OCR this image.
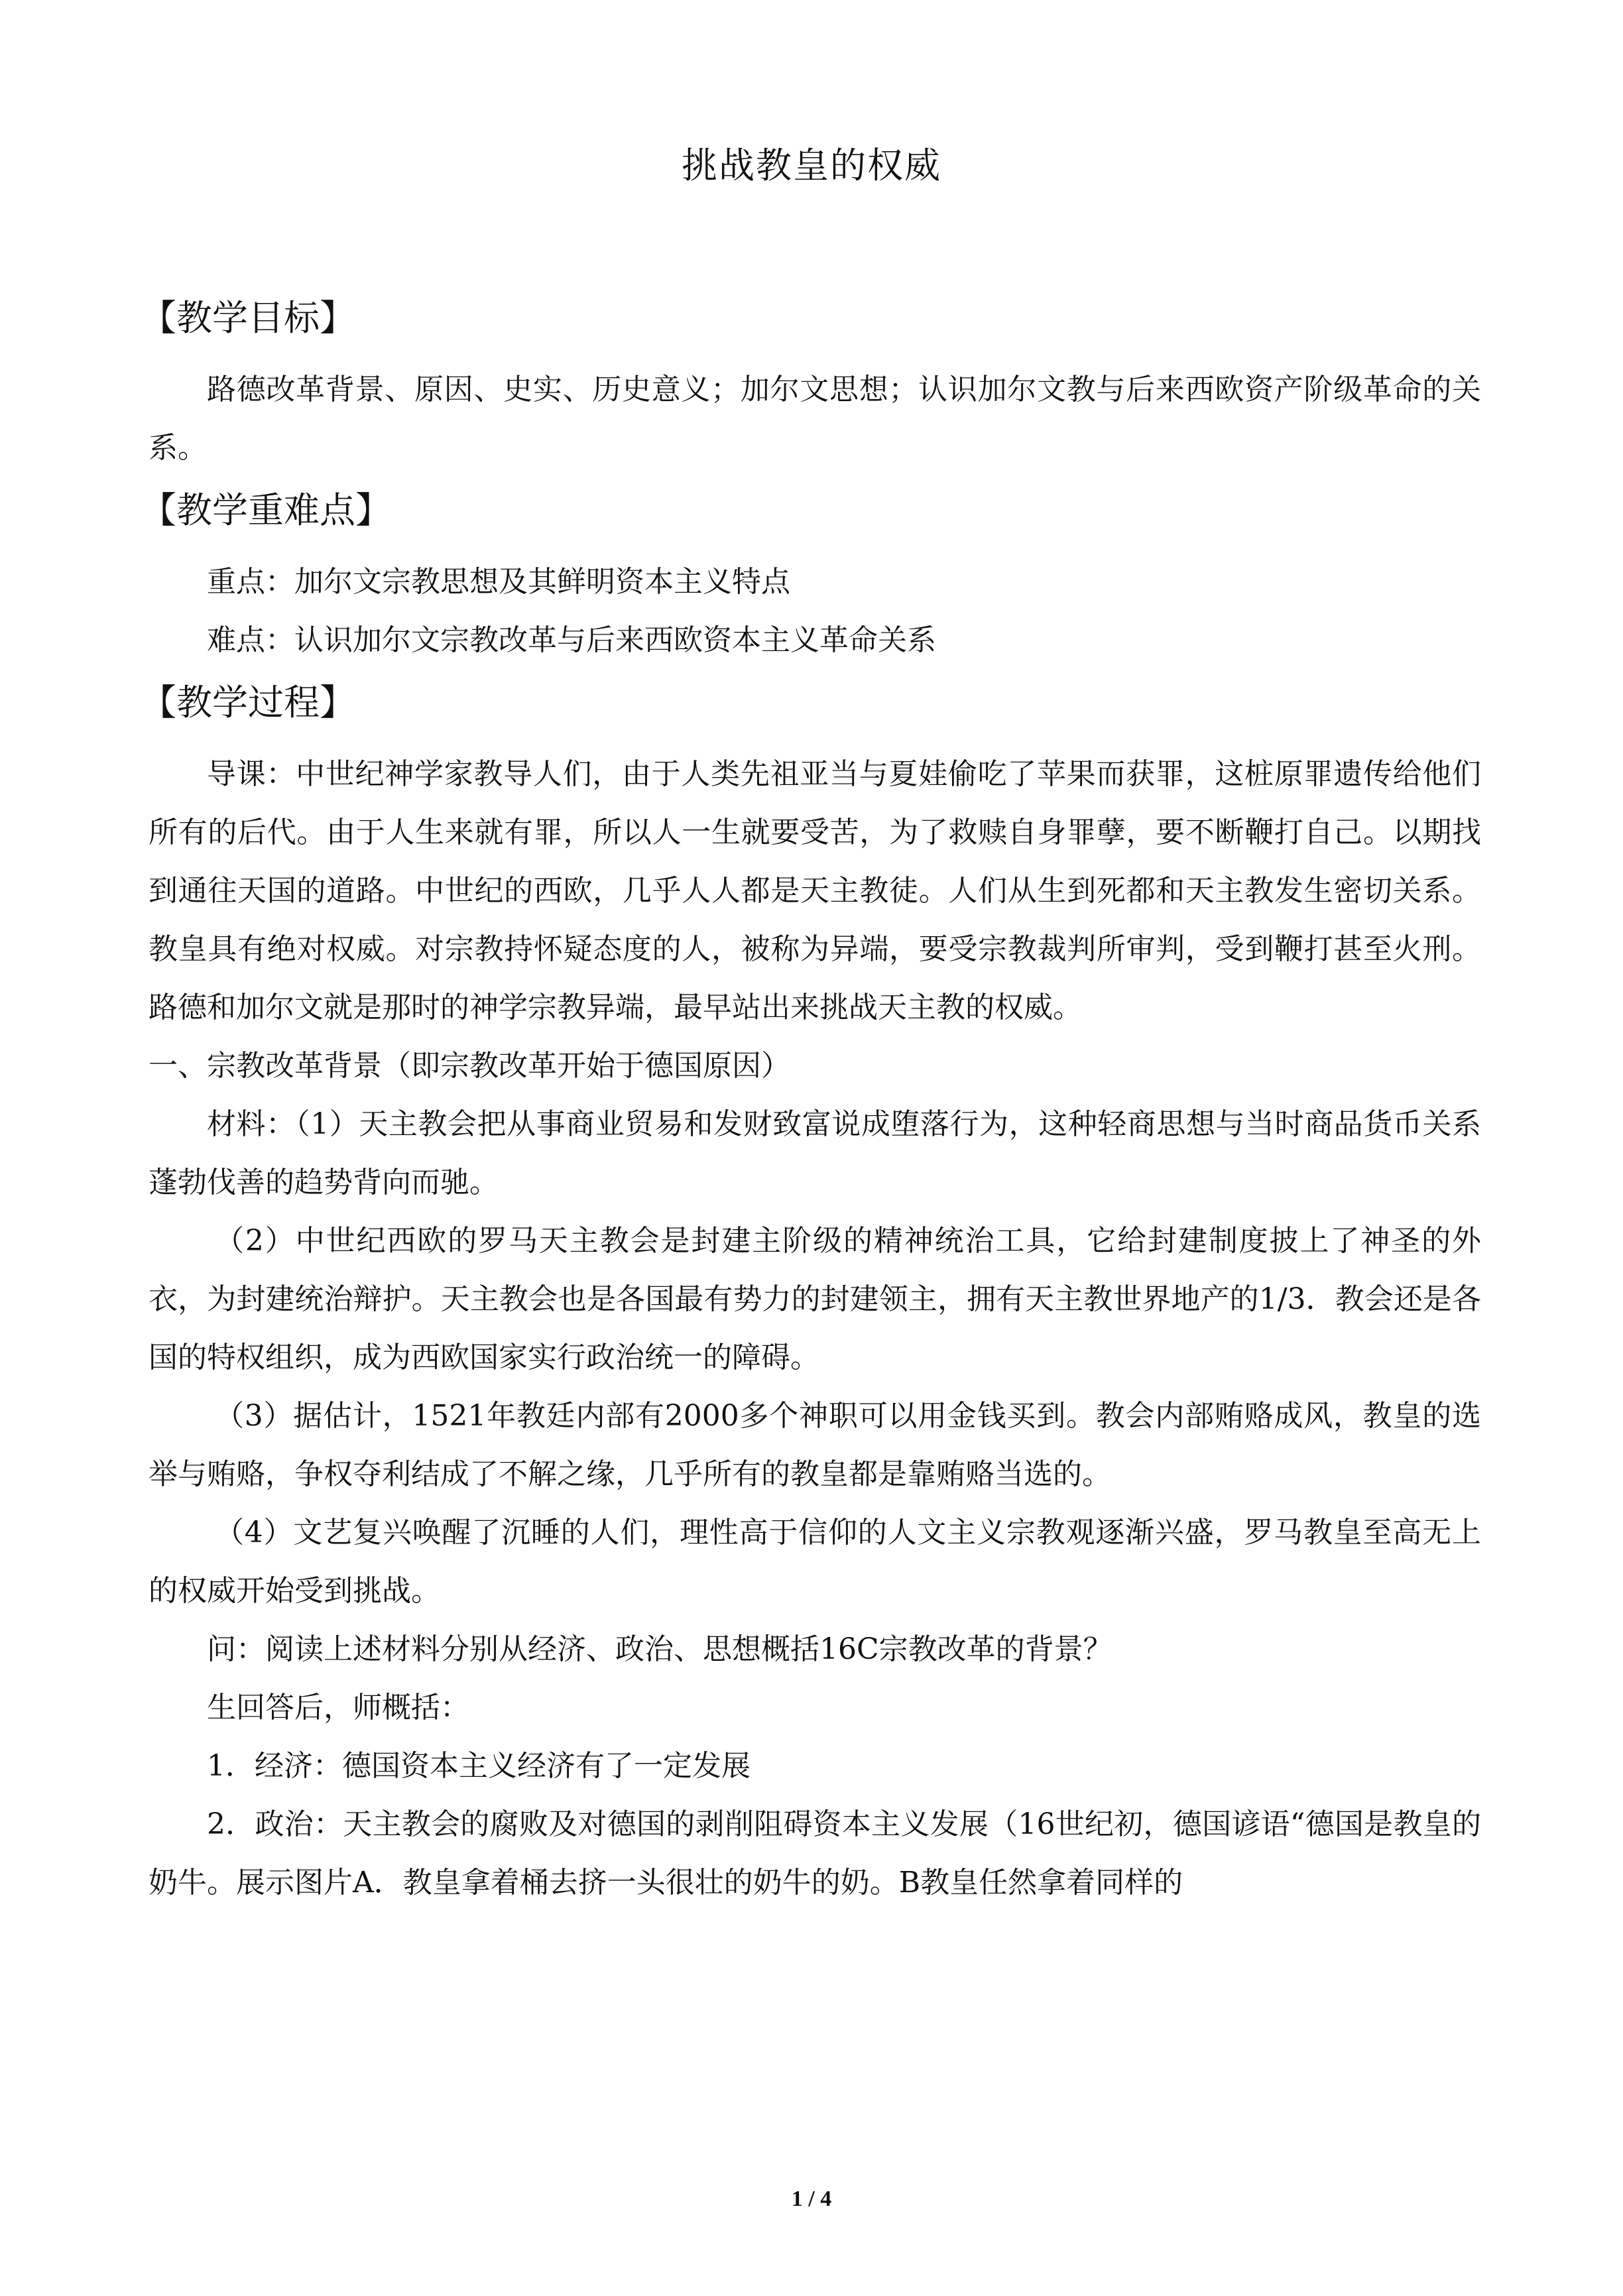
挑战教皇的权威
【教学目标】

路德改革背景、原因、史实、历史意义；加尔文思想；认识加尔文教与后来西欧资产阶级革命的关系。

【教学重难点】

重点：加尔文宗教思想及其鲜明资本主义特点

难点：认识加尔文宗教改革与后来西欧资本主义革命关系

【教学过程】

导课：中世纪神学家教导人们，由于人类先祖亚当与夏娃偷吃了苹果而获罪，这桩原罪遗传给他们所有的后代。由于人生来就有罪，所以人一生就要受苦，为了救赎自身罪孽，要不断鞭打自己。以期找到通往天国的道路。中世纪的西欧，几乎人人都是天主教徒。人们从生到死都和天主教发生密切关系。教皇具有绝对权威。对宗教持怀疑态度的人，被称为异端，要受宗教裁判所审判，受到鞭打甚至火刑。路德和加尔文就是那时的神学宗教异端，最早站出来挑战天主教的权威。

一、宗教改革背景（即宗教改革开始于德国原因）

材料：（1）天主教会把从事商业贸易和发财致富说成堕落行为，这种轻商思想与当时商品货币关系蓬勃伐善的趋势背向而驰。

（2）中世纪西欧的罗马天主教会是封建主阶级的精神统治工具，它给封建制度披上了神圣的外衣，为封建统治辩护。天主教会也是各国最有势力的封建领主，拥有天主教世界地产的1/3．教会还是各国的特权组织，成为西欧国家实行政治统一的障碍。

（3）据估计，1521年教廷内部有2000多个神职可以用金钱买到。教会内部贿赂成风，教皇的选举与贿赂，争权夺利结成了不解之缘，几乎所有的教皇都是靠贿赂当选的。

（4）文艺复兴唤醒了沉睡的人们，理性高于信仰的人文主义宗教观逐渐兴盛，罗马教皇至高无上的权威开始受到挑战。

问：阅读上述材料分别从经济、政治、思想概括16C宗教改革的背景？

生回答后，师概括：

1．经济：德国资本主义经济有了一定发展

2．政治：天主教会的腐败及对德国的剥削阻碍资本主义发展（16世纪初，德国谚语“德国是教皇的奶牛。展示图片A．教皇拿着桶去挤一头很壮的奶牛的奶。B教皇任然拿着同样的

1 / 4
